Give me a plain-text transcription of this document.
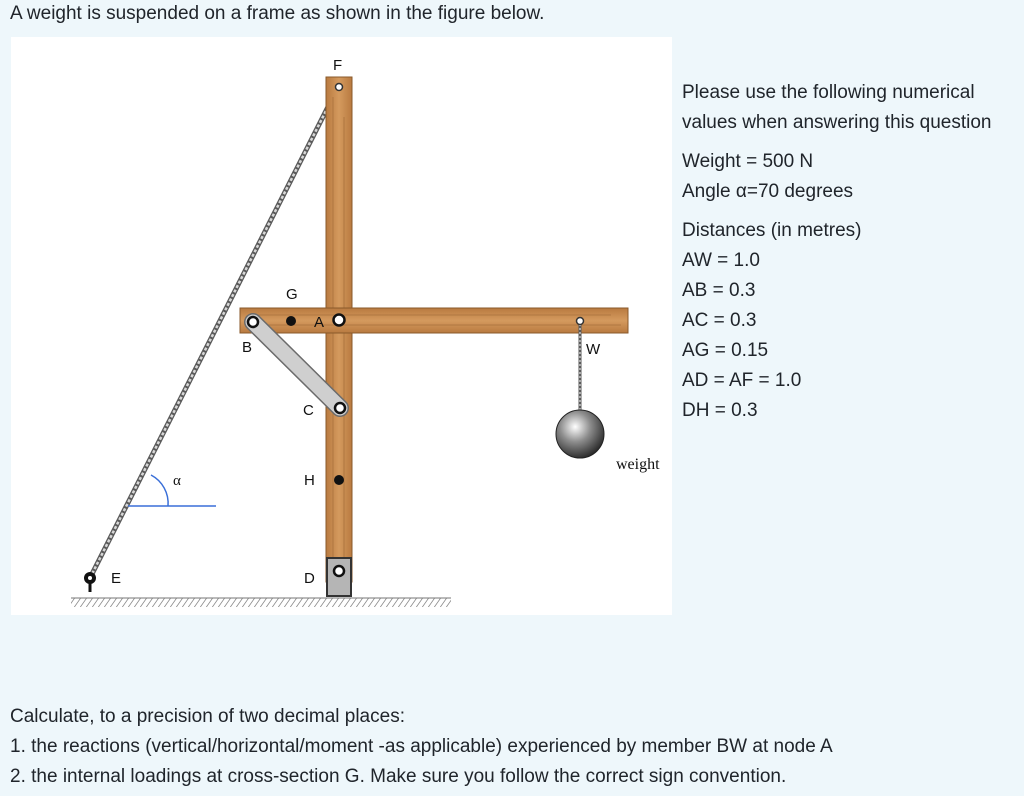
A weight is suspended on a frame as shown in the figure below.
F
G
A
B
C
W
H
D
E
α
weight
Please use the following numerical
values when answering this question
Weight = 500 N
Angle α=70 degrees
Distances (in metres)
AW = 1.0
AB = 0.3
AC = 0.3
AG = 0.15
AD = AF = 1.0
DH = 0.3
Calculate, to a precision of two decimal places:
1. the reactions (vertical/horizontal/moment -as applicable) experienced by member BW at node A
2. the internal loadings at cross-section G. Make sure you follow the correct sign convention.
